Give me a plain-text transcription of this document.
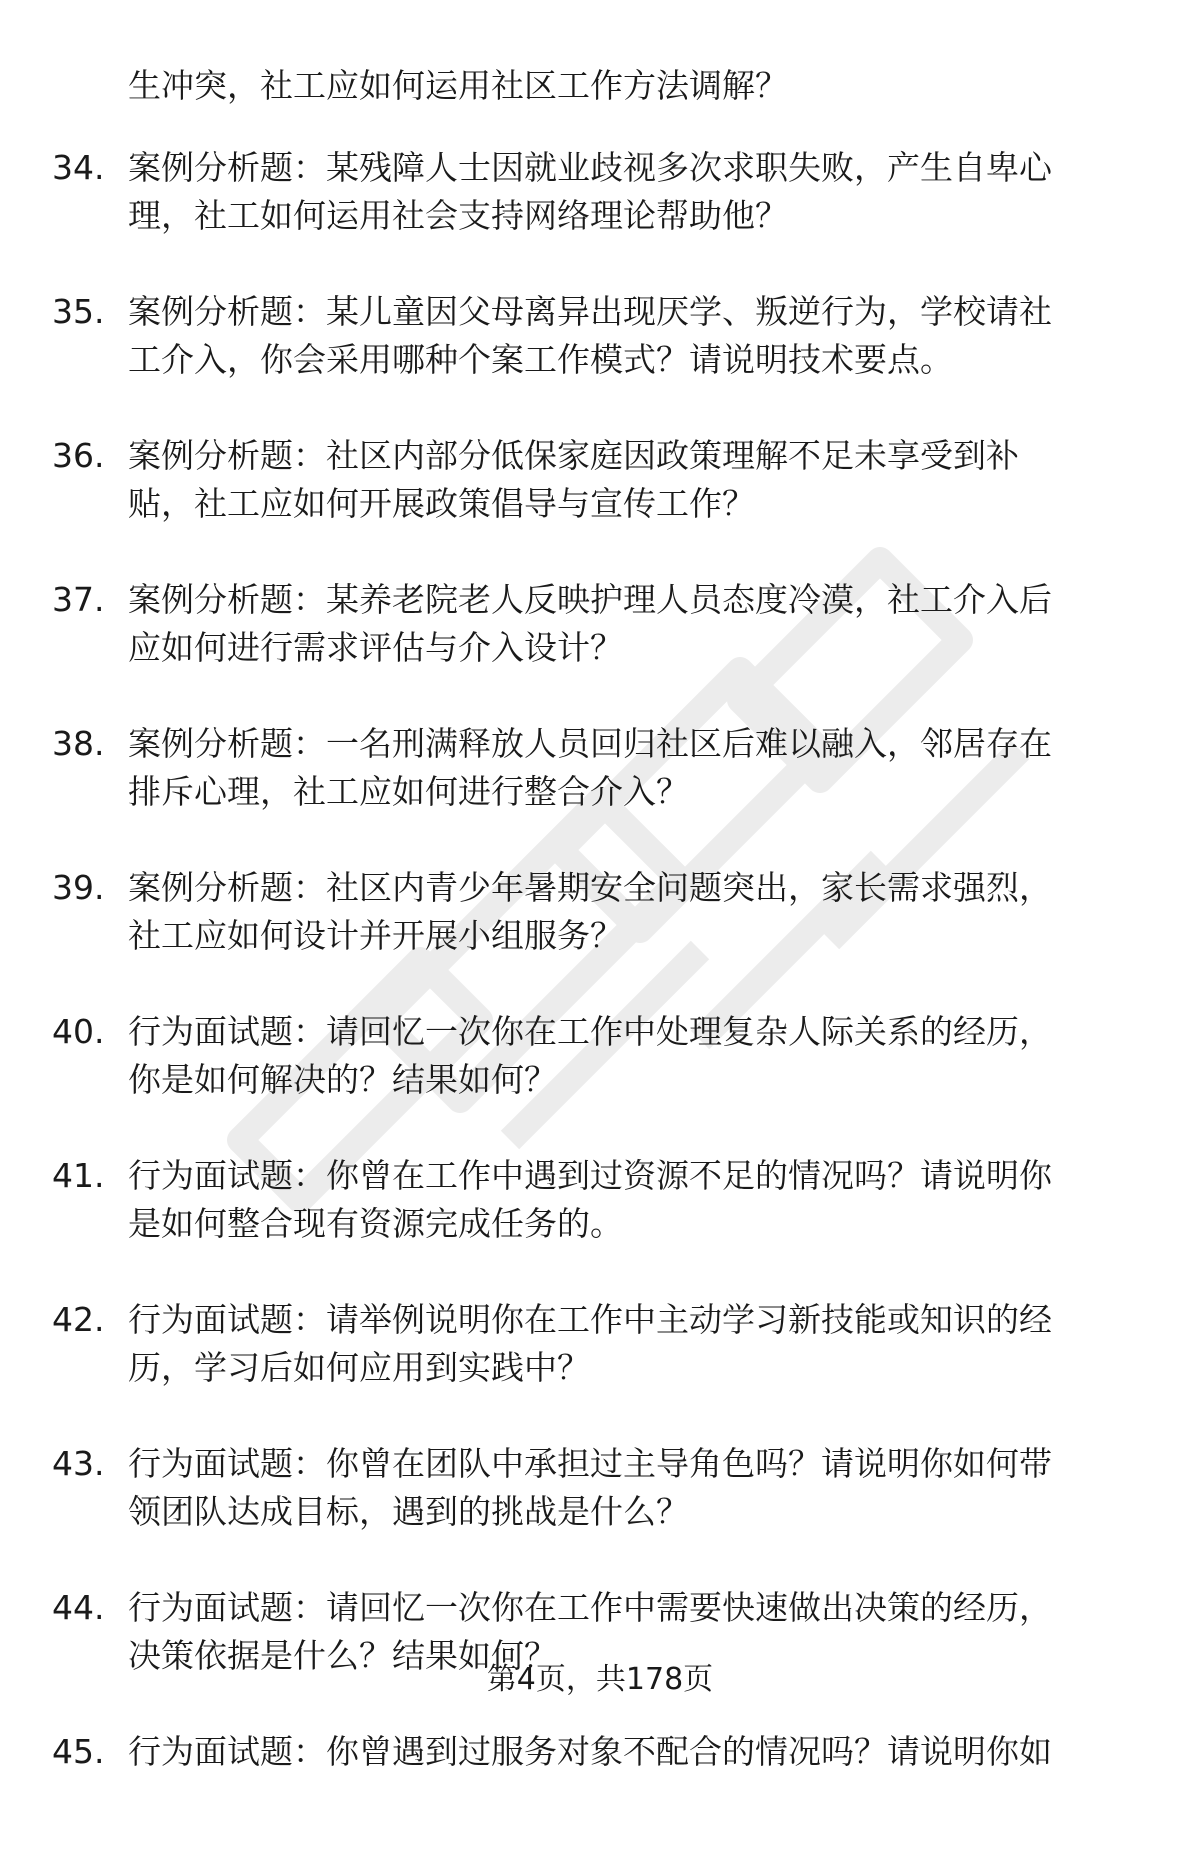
生冲突，社工应如何运用社区工作方法调解？
34. 案例分析题：某残障人士因就业歧视多次求职失败，产生自卑心
理，社工如何运用社会支持网络理论帮助他？
35. 案例分析题：某儿童因父母离异出现厌学、叛逆行为，学校请社
工介入，你会采用哪种个案工作模式？请说明技术要点。
36. 案例分析题：社区内部分低保家庭因政策理解不足未享受到补
贴，社工应如何开展政策倡导与宣传工作？
37. 案例分析题：某养老院老人反映护理人员态度冷漠，社工介入后
应如何进行需求评估与介入设计？
38. 案例分析题：一名刑满释放人员回归社区后难以融入，邻居存在
排斥心理，社工应如何进行整合介入？
39. 案例分析题：社区内青少年暑期安全问题突出，家长需求强烈，
社工应如何设计并开展小组服务？
40. 行为面试题：请回忆一次你在工作中处理复杂人际关系的经历，
你是如何解决的？结果如何？
41. 行为面试题：你曾在工作中遇到过资源不足的情况吗？请说明你
是如何整合现有资源完成任务的。
42. 行为面试题：请举例说明你在工作中主动学习新技能或知识的经
历，学习后如何应用到实践中？
43. 行为面试题：你曾在团队中承担过主导角色吗？请说明你如何带
领团队达成目标，遇到的挑战是什么？
44. 行为面试题：请回忆一次你在工作中需要快速做出决策的经历，
决策依据是什么？结果如何？
45. 行为面试题：你曾遇到过服务对象不配合的情况吗？请说明你如
第4页，共178页
